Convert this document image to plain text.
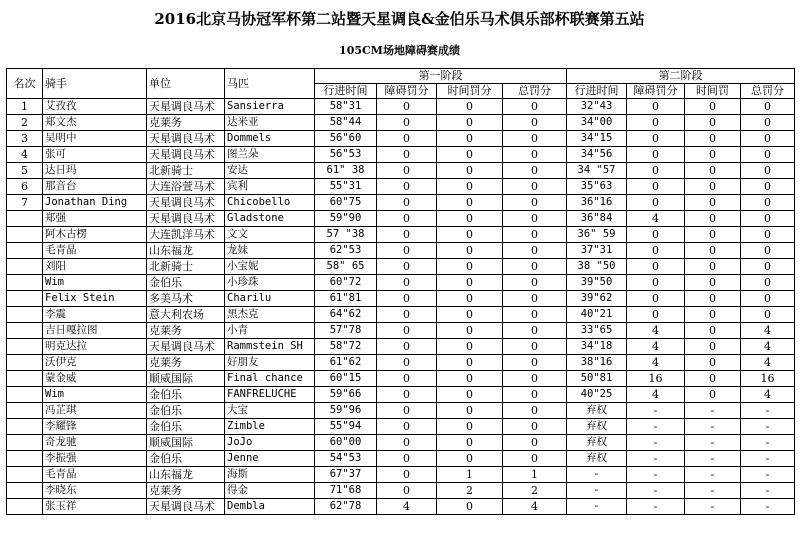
2016北京马协冠军杯第二站暨天星调良&金伯乐马术俱乐部杯联赛第五站
105CM场地障碍赛成绩
名次	骑手	单位	马匹	第一阶段				第二阶段			
				行进时间	障碍罚分	时间罚分	总罚分	行进时间	障碍罚分	时间罚	总罚分
1	艾孜孜	天星调良马术	Sansierra	58"31	0	0	0	32"43	0	0	0
2	郑文杰	克莱务	达米亚	58"44	0	0	0	34"00	0	0	0
3	吴明中	天星调良马术	Dommels	56"60	0	0	0	34"15	0	0	0
4	张可	天星调良马术	图兰朵	56"53	0	0	0	34"56	0	0	0
5	达日玛	北新骑士	安达	61" 38	0	0	0	34 "57	0	0	0
6	那音台	大连浴萱马术	宾利	55"31	0	0	0	35"63	0	0	0
7	Jonathan Ding	天星调良马术	Chicobello	60"75	0	0	0	36"16	0	0	0
	郑强	天星调良马术	Gladstone	59"90	0	0	0	36"84	4	0	0
	阿木古楞	大连凯洋马术	文文	57 "38	0	0	0	36" 59	0	0	0
	毛青晶	山东福龙	龙妹	62"53	0	0	0	37"31	0	0	0
	刘阳	北新骑士	小宝妮	58" 65	0	0	0	38 "50	0	0	0
	Wim	金伯乐	小珍珠	60"72	0	0	0	39"50	0	0	0
	Felix Stein	多美马术	Charilu	61"81	0	0	0	39"62	0	0	0
	李震	意大利农场	黑杰克	64"62	0	0	0	40"21	0	0	0
	吉日嘎拉图	克莱务	小青	57"78	0	0	0	33"65	4	0	4
	明克达拉	天星调良马术	Rammstein SH	58"72	0	0	0	34"18	4	0	4
	沃伊克	克莱务	好朋友	61"62	0	0	0	38"16	4	0	4
	蒙金威	顺威国际	Final chance	60"15	0	0	0	50"81	16	0	16
	Wim	金伯乐	FANFRELUCHE	59"66	0	0	0	40"25	4	0	4
	冯芷琪	金伯乐	大宝	59"96	0	0	0	弃权	-	-	-
	李耀锋	金伯乐	Zimble	55"94	0	0	0	弃权	-	-	-
	奇龙驰	顺威国际	JoJo	60"00	0	0	0	弃权	-	-	-
	李振强	金伯乐	Jenne	54"53	0	0	0	弃权	-	-	-
	毛青晶	山东福龙	海斯	67"37	0	1	1	-	-	-	-
	李晓东	克莱务	得金	71"68	0	2	2	-	-	-	-
	张玉祥	天星调良马术	Dembla	62"78	4	0	4	-	-	-	-
